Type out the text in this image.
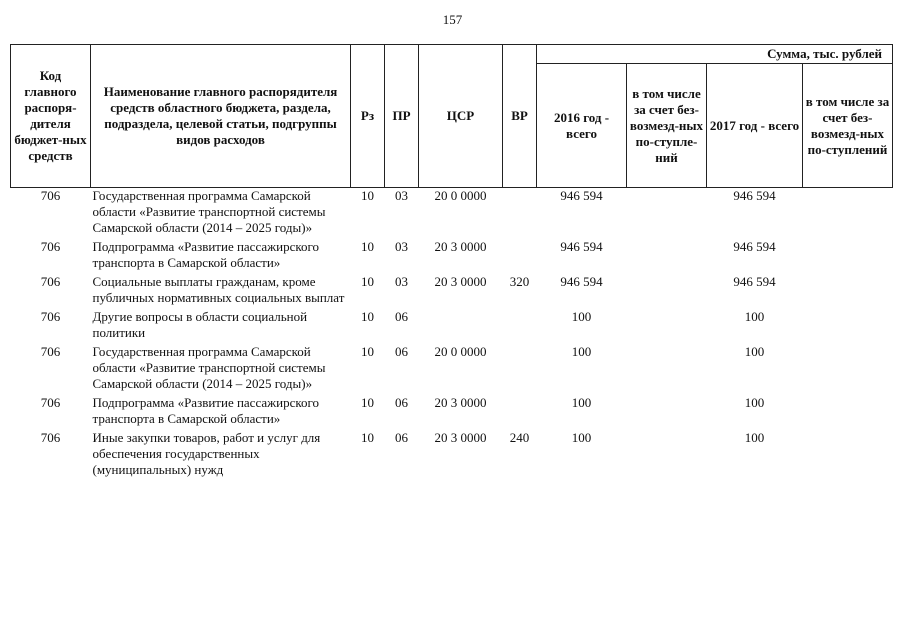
157
Код главного распоря-дителя бюджет-ных средств	Наименование главного распорядителя средств областного бюджета, раздела, подраздела, целевой статьи, подгруппы видов расходов	Рз	ПР	ЦСР	ВР	Сумма, тыс. рублей			
						2016 год - всего	в том числе за счет без-возмезд-ных по-ступле-ний	2017 год - всего	в том числе за счет без-возмезд-ных по-ступлений
706	Государственная программа Самарской области «Развитие транспортной системы Самарской области (2014 – 2025 годы)»	10	03	20 0 0000		946 594		946 594	
706	Подпрограмма «Развитие пассажирского транспорта в Самарской области»	10	03	20 3 0000		946 594		946 594	
706	Социальные выплаты гражданам, кроме публичных нормативных социальных выплат	10	03	20 3 0000	320	946 594		946 594	
706	Другие вопросы в области социальной политики	10	06			100		100	
706	Государственная программа Самарской области «Развитие транспортной системы Самарской области (2014 – 2025 годы)»	10	06	20 0 0000		100		100	
706	Подпрограмма «Развитие пассажирского транспорта в Самарской области»	10	06	20 3 0000		100		100	
706	Иные закупки товаров, работ и услуг для обеспечения государственных (муниципальных) нужд	10	06	20 3 0000	240	100		100	
